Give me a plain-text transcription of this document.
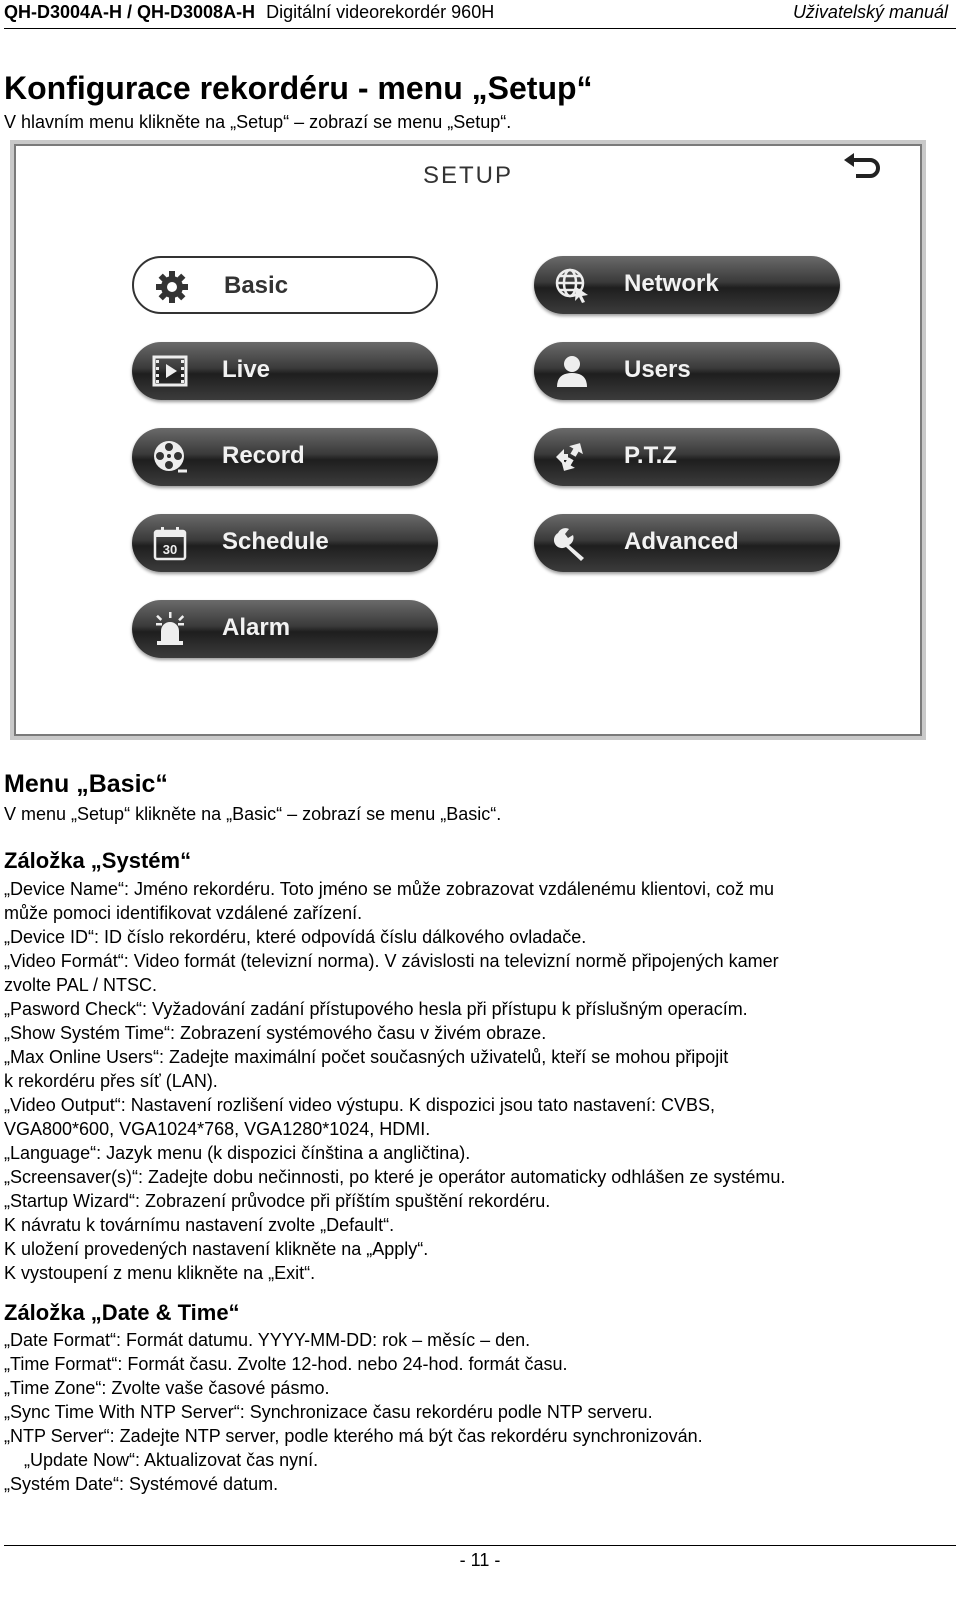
QH-D3004A-H / QH-D3008A-H Digitální videorekordér 960H	Uživatelský manuál
Konfigurace rekordéru - menu „Setup“

V hlavním menu klikněte na „Setup“ – zobrazí se menu „Setup“.

SETUP
Basic	Network
Live	Users
Record	P.T.Z
30 Schedule	Advanced
Alarm
Menu „Basic“

V menu „Setup“ klikněte na „Basic“ – zobrazí se menu „Basic“.

Záložka „Systém“
„Device Name“: Jméno rekordéru. Toto jméno se může zobrazovat vzdálenému klientovi, což mu
může pomoci identifikovat vzdálené zařízení.
„Device ID“: ID číslo rekordéru, které odpovídá číslu dálkového ovladače.
„Video Formát“: Video formát (televizní norma). V závislosti na televizní normě připojených kamer
zvolte PAL / NTSC.
„Pasword Check“: Vyžadování zadání přístupového hesla při přístupu k příslušným operacím.
„Show Systém Time“: Zobrazení systémového času v živém obraze.
„Max Online Users“: Zadejte maximální počet současných uživatelů, kteří se mohou připojit
k rekordéru přes síť (LAN).
„Video Output“: Nastavení rozlišení video výstupu. K dispozici jsou tato nastavení: CVBS,
VGA800*600, VGA1024*768, VGA1280*1024, HDMI.
„Language“: Jazyk menu (k dispozici čínština a angličtina).
„Screensaver(s)“: Zadejte dobu nečinnosti, po které je operátor automaticky odhlášen ze systému.
„Startup Wizard“: Zobrazení průvodce při příštím spuštění rekordéru.
K návratu k továrnímu nastavení zvolte „Default“.
K uložení provedených nastavení klikněte na „Apply“.
K vystoupení z menu klikněte na „Exit“.
Záložka „Date & Time“
„Date Format“: Formát datumu. YYYY-MM-DD: rok – měsíc – den.
„Time Format“: Formát času. Zvolte 12-hod. nebo 24-hod. formát času.
„Time Zone“: Zvolte vaše časové pásmo.
„Sync Time With NTP Server“: Synchronizace času rekordéru podle NTP serveru.
„NTP Server“: Zadejte NTP server, podle kterého má být čas rekordéru synchronizován.
„Update Now“: Aktualizovat čas nyní.
„Systém Date“: Systémové datum.
- 11 -
